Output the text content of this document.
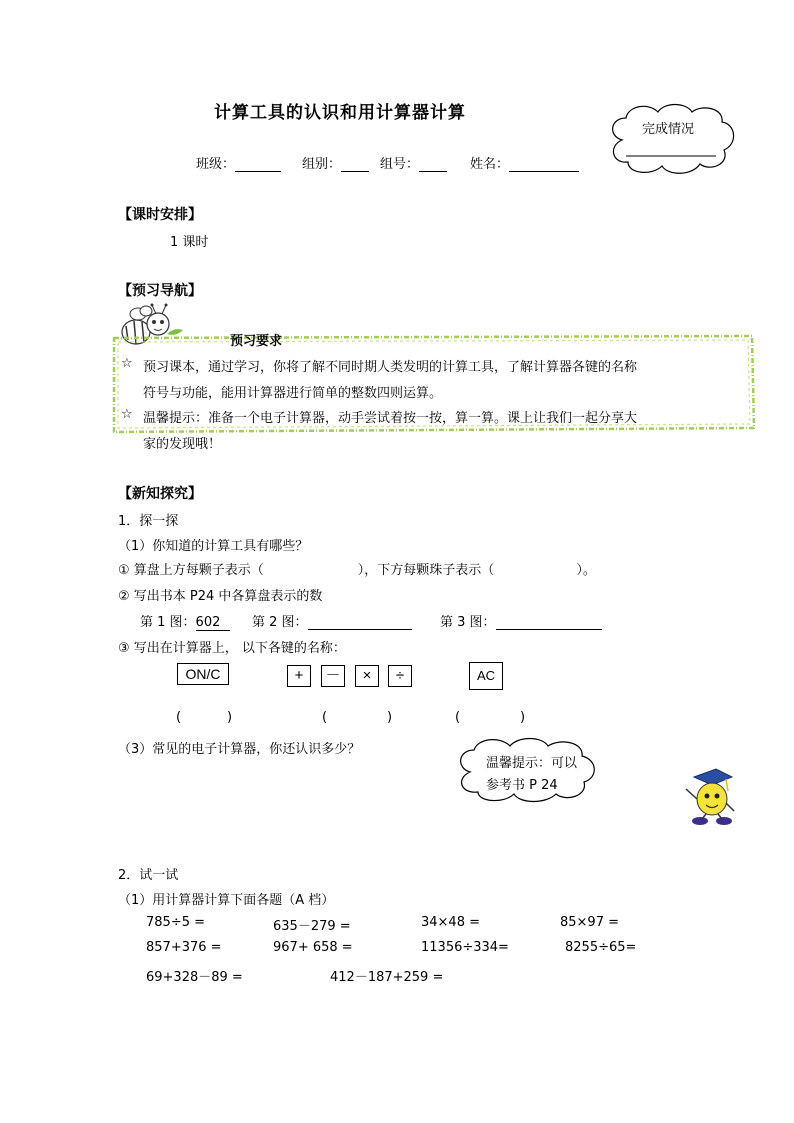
计算工具的认识和用计算器计算
完成情况
班级：	组别：	组号：	姓名：
【课时安排】
1 课时
【预习导航】
预习要求
☆ 预习课本，通过学习，你将了解不同时期人类发明的计算工具，了解计算器各键的名称
符号与功能，能用计算器进行简单的整数四则运算。
☆ 温馨提示：准备一个电子计算器，动手尝试着按一按，算一算。课上让我们一起分享大
家的发现哦！
【新知探究】
1．探一探
（1）你知道的计算工具有哪些？
① 算盘上方每颗子表示（	），下方每颗珠子表示（	）。
② 写出书本 P24 中各算盘表示的数
第 1 图：602	第 2 图：	第 3 图：
③ 写出在计算器上， 以下各键的名称：
ON/C	+	－	×	÷	AC
(	)	(	)	(	)
（3）常见的电子计算器，你还认识多少？
温馨提示：可以
参考书 P 24
2．试一试
（1）用计算器计算下面各题（A 档）
785÷5 =	635－279 =	34×48 =	85×97 =
857+376 =	967+ 658 =	11356÷334=	8255÷65=
69+328－89 =	412－187+259 =
